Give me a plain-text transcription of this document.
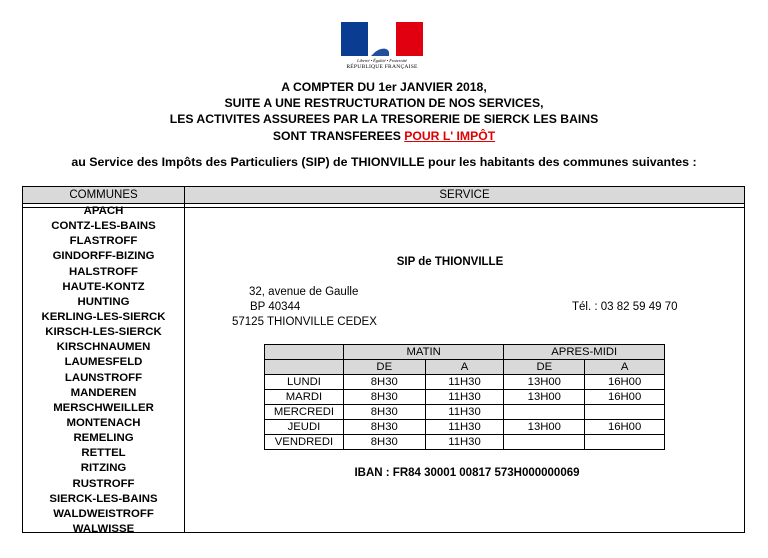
Liberté • Égalité • Fraternité
RÉPUBLIQUE FRANÇAISE
A COMPTER DU 1er JANVIER 2018,
SUITE A UNE RESTRUCTURATION DE NOS SERVICES,
LES ACTIVITES ASSUREES PAR LA TRESORERIE DE SIERCK LES BAINS
SONT TRANSFEREES POUR L' IMPÔT
au Service des Impôts des Particuliers (SIP) de THIONVILLE pour les habitants des communes suivantes :
COMMUNES	SERVICE
APACH
CONTZ-LES-BAINS
FLASTROFF
GINDORFF-BIZING
HALSTROFF
HAUTE-KONTZ
HUNTING
KERLING-LES-SIERCK
KIRSCH-LES-SIERCK
KIRSCHNAUMEN
LAUMESFELD
LAUNSTROFF
MANDEREN
MERSCHWEILLER
MONTENACH
REMELING
RETTEL
RITZING
RUSTROFF
SIERCK-LES-BAINS
WALDWEISTROFF
WALWISSE
SIP de THIONVILLE
32, avenue de Gaulle
BP 40344
57125 THIONVILLE CEDEX
Tél. : 03 82 59 49 70
	MATIN		APRES-MIDI	
	DE	A	DE	A
LUNDI	8H30	11H30	13H00	16H00
MARDI	8H30	11H30	13H00	16H00
MERCREDI	8H30	11H30		
JEUDI	8H30	11H30	13H00	16H00
VENDREDI	8H30	11H30		
IBAN : FR84 30001 00817 573H000000069
